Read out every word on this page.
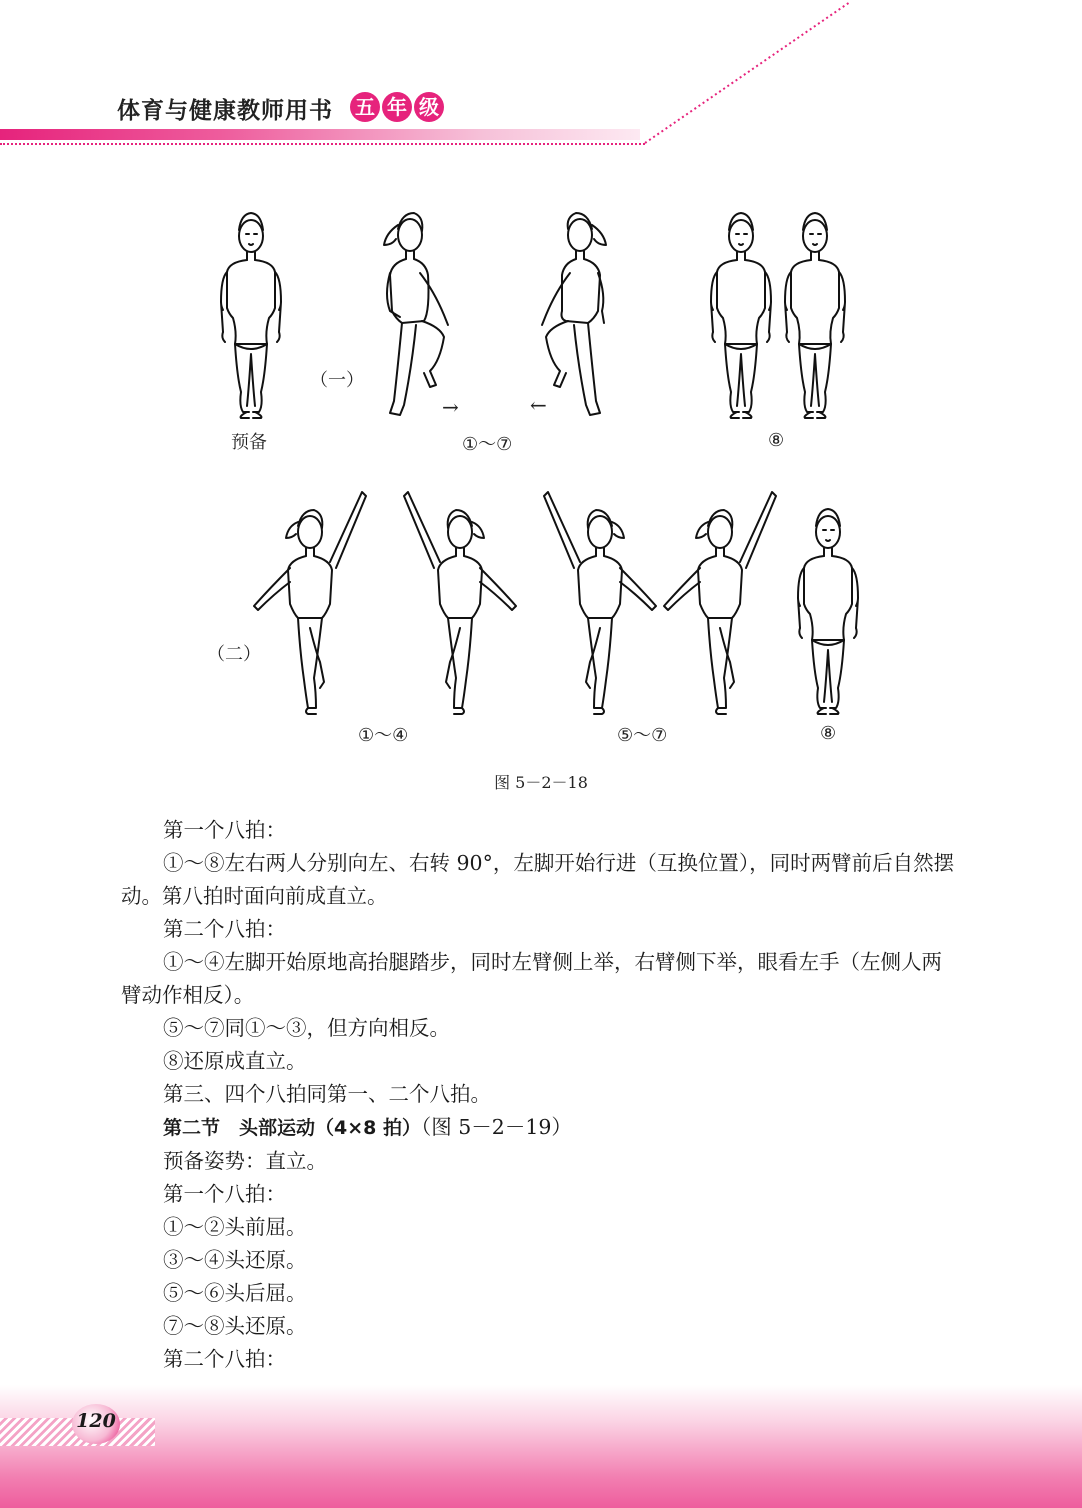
体育与健康教师用书 五 年 级
（一）
预备	①～⑦	⑧
→	←
（二）
①～④	⑤～⑦	⑧
图 5－2－18

第一个八拍：

①～⑧左右两人分别向左、右转 90°，左脚开始行进（互换位置），同时两臂前后自然摆动。第八拍时面向前成直立。

第二个八拍：

①～④左脚开始原地高抬腿踏步，同时左臂侧上举，右臂侧下举，眼看左手（左侧人两臂动作相反）。

⑤～⑦同①～③，但方向相反。

⑧还原成直立。

第三、四个八拍同第一、二个八拍。

第二节　头部运动（4×8 拍）（图 5－2－19）

预备姿势：直立。

第一个八拍：

①～②头前屈。

③～④头还原。

⑤～⑥头后屈。

⑦～⑧头还原。

第二个八拍：

120
